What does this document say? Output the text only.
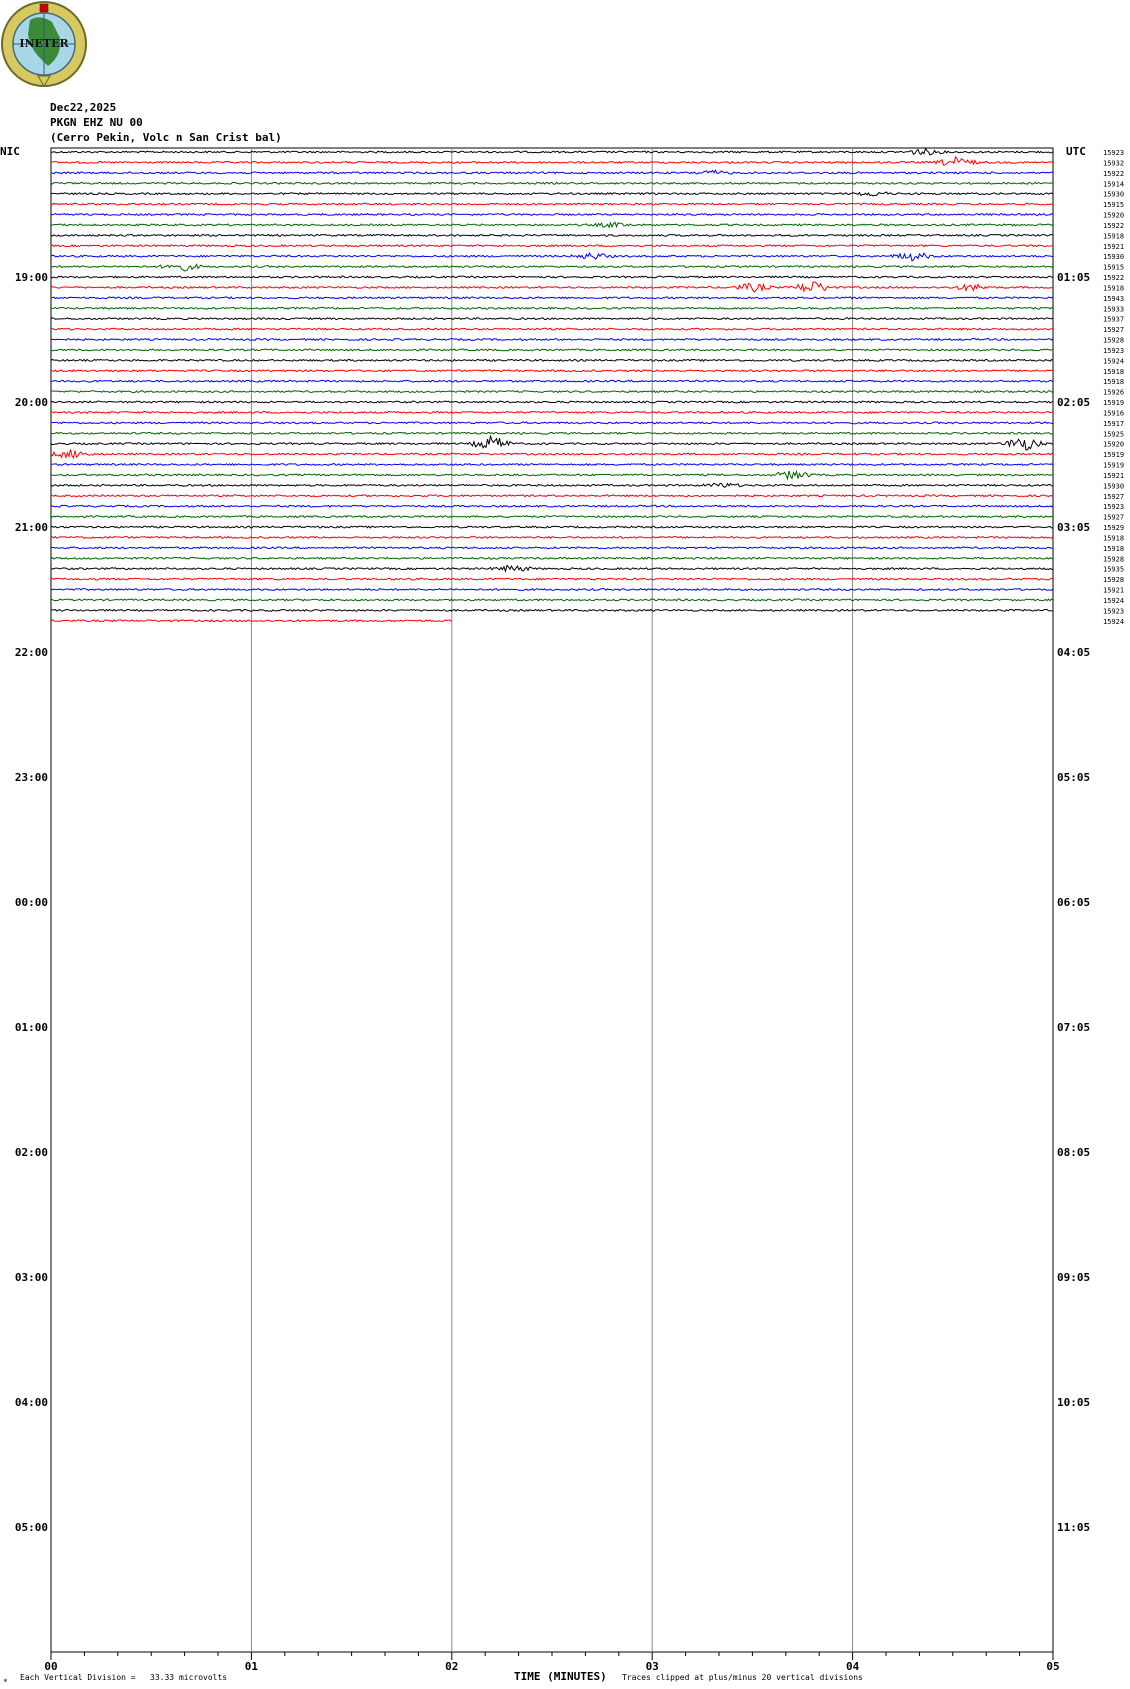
00	01	02	03	04	05
19:00	01:05
20:00	02:05
21:00	03:05
22:00	04:05
23:00	05:05
00:00	06:05
01:00	07:05
02:00	08:05
03:00	09:05
04:00	10:05
05:00	11:05
15923
15932
15922
15914
15930
15915
15920
15922
15918
15921
15930
15915
15922
15918
15943
15933
15937
15927
15928
15923
15924
15918
15918
15926
15919
15916
15917
15925
15920
15919
15919
15921
15930
15927
15923
15927
15929
15918
15918
15928
15935
15928
15921
15924
15923
15924
INETER
Dec22,2025
PKGN EHZ NU 00
(Cerro Pekin, Volc n San Crist bal)
NIC	UTC
∗ Each Vertical Division =   33.33 microvolts	TIME (MINUTES) Traces clipped at plus/minus 20 vertical divisions
